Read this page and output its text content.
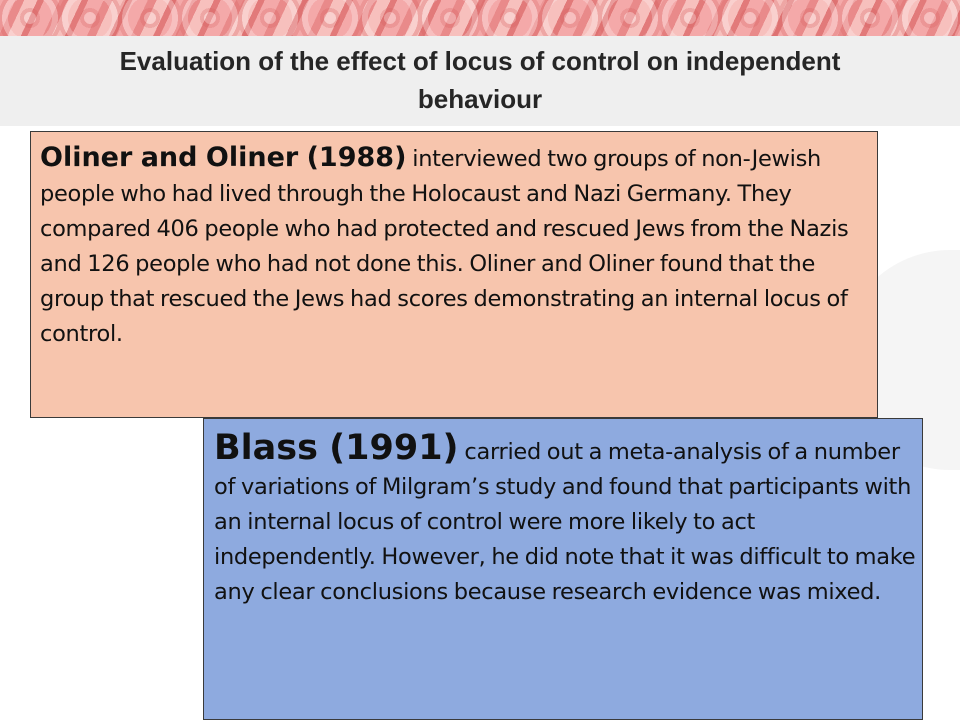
Evaluation of the effect of locus of control on independent behaviour
Oliner and Oliner (1988) interviewed two groups of non-Jewish people who had lived through the Holocaust and Nazi Germany. They compared 406 people who had protected and rescued Jews from the Nazis and 126 people who had not done this. Oliner and Oliner found that the group that rescued the Jews had scores demonstrating an internal locus of control.
Blass (1991) carried out a meta-analysis of a number of variations of Milgram’s study and found that participants with an internal locus of control were more likely to act independently. However, he did note that it was difficult to make any clear conclusions because research evidence was mixed.
